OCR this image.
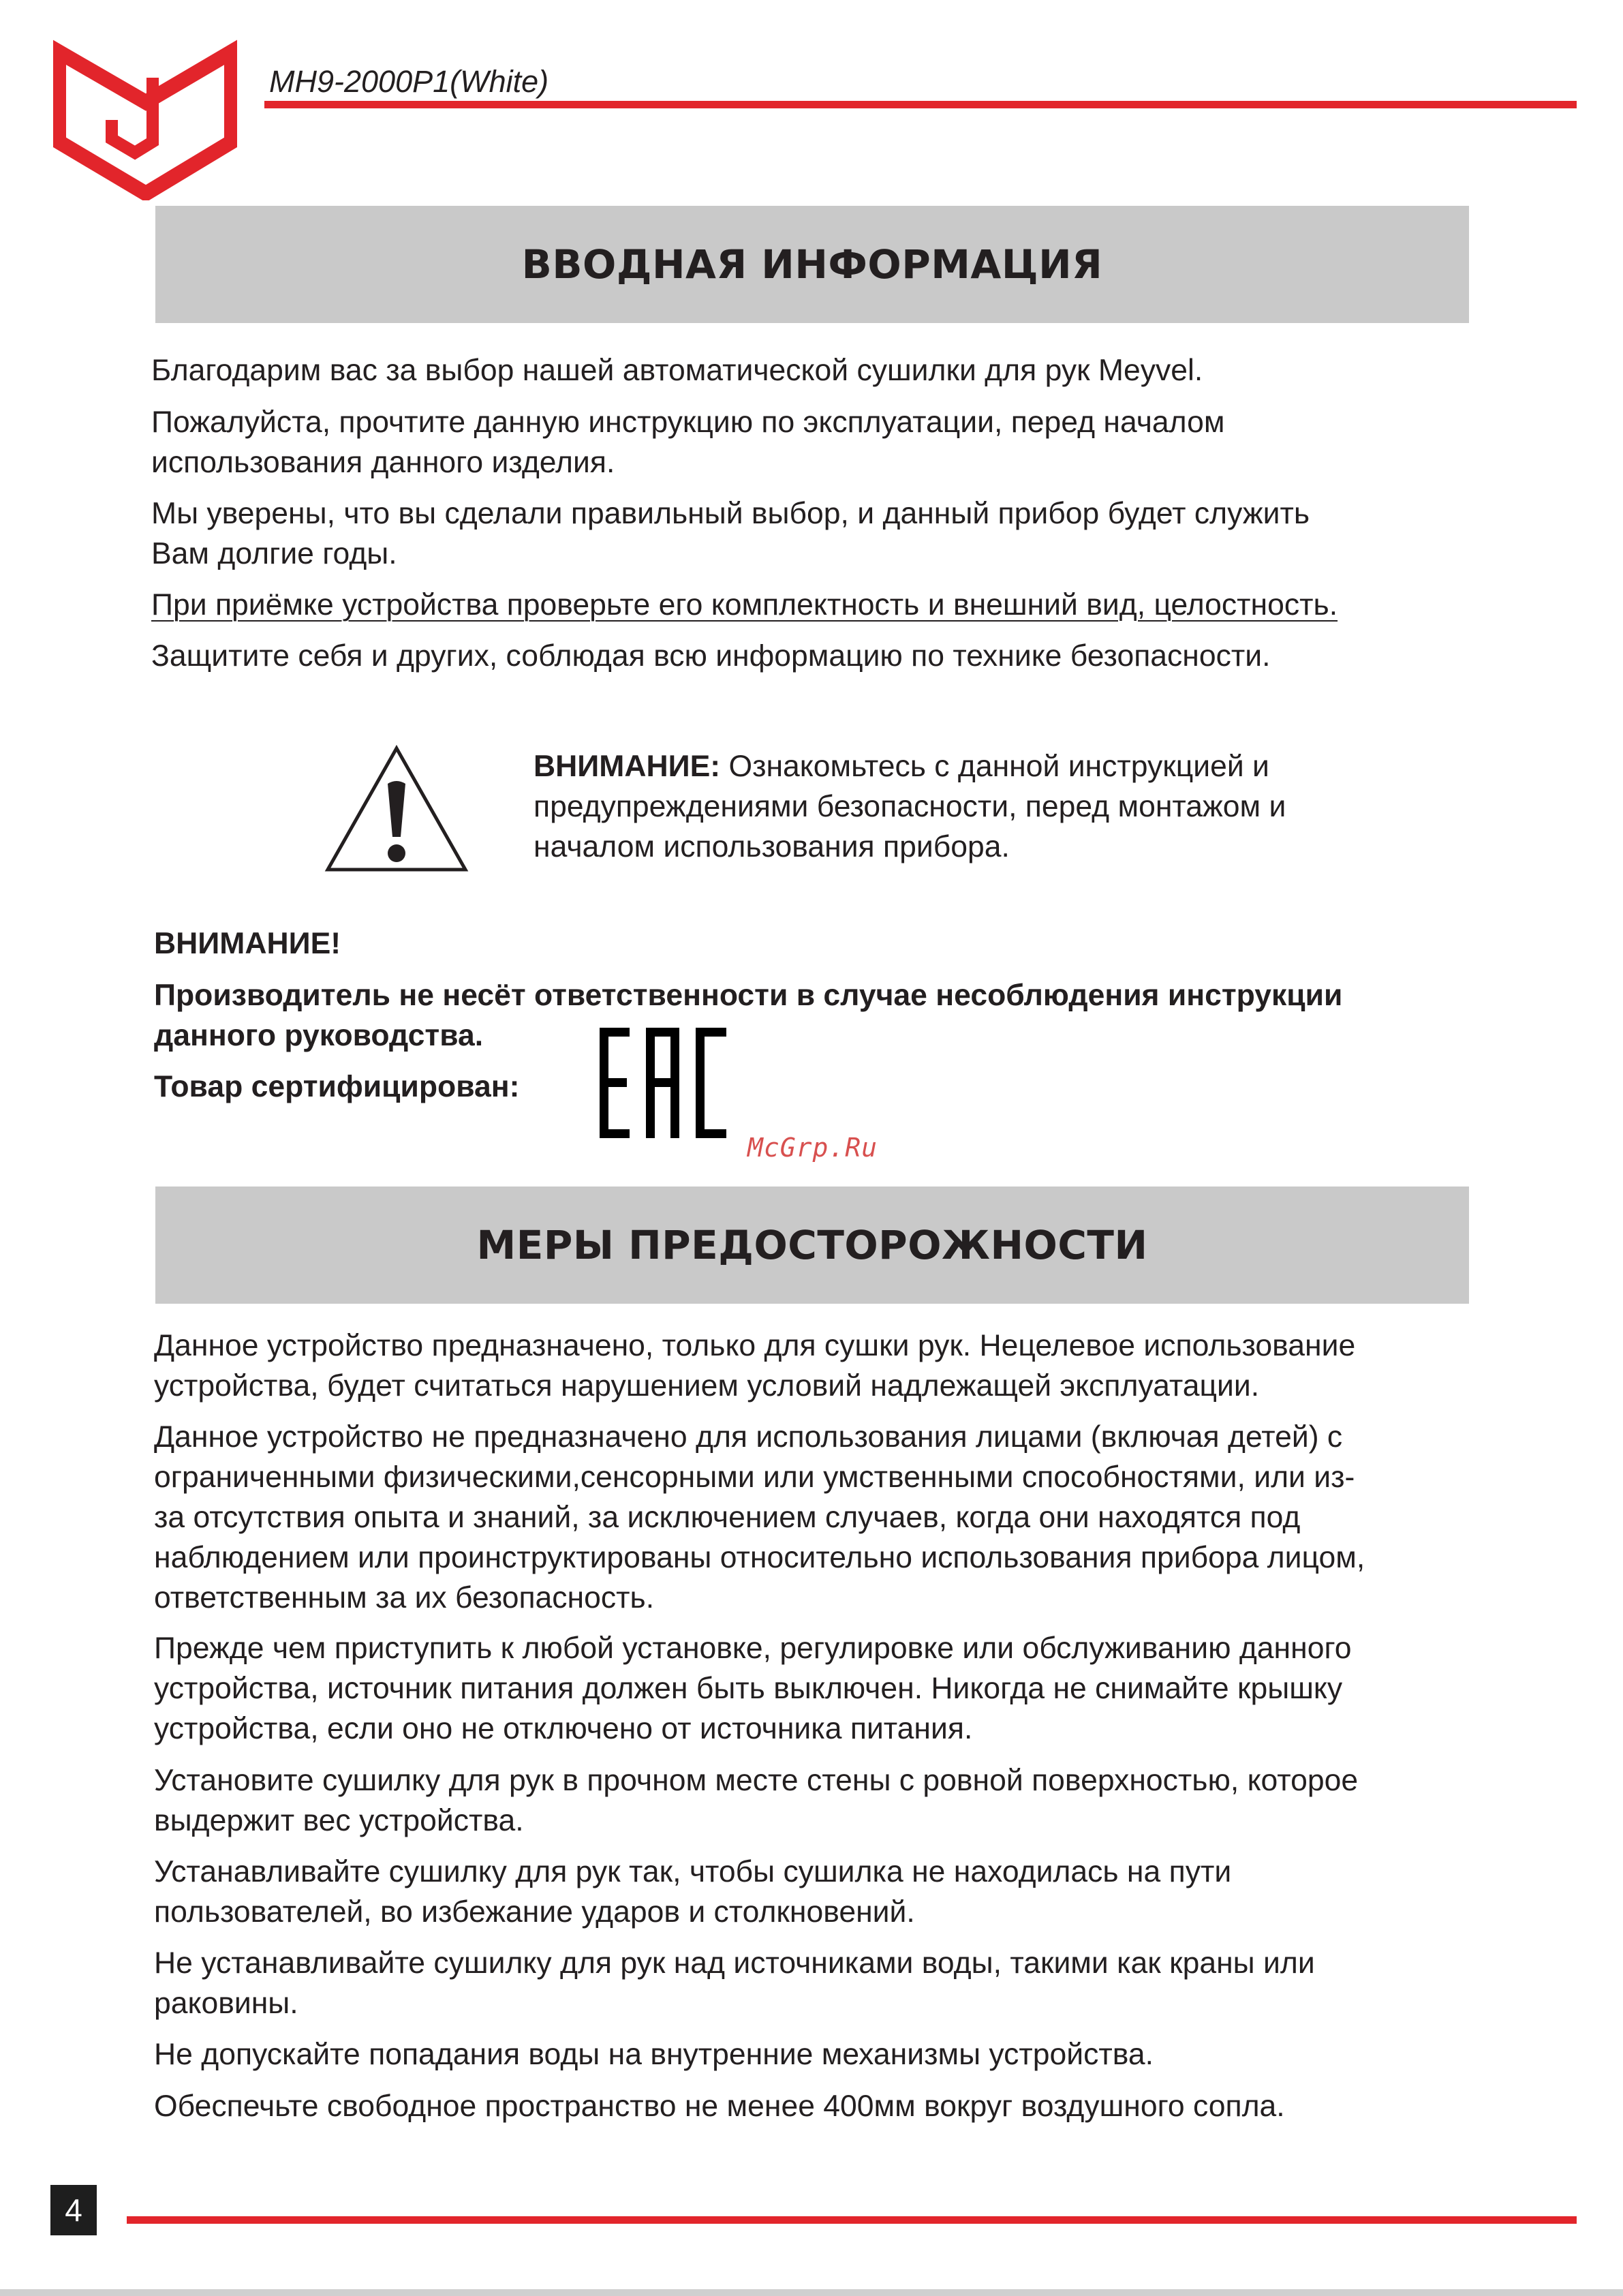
MH9-2000P1(White)
ВВОДНАЯ ИНФОРМАЦИЯ
Благодарим вас за выбор нашей автоматической сушилки для рук Meyvel.
Пожалуйста, прочтите данную инструкцию по эксплуатации, перед началом
использования данного изделия.
Мы уверены, что вы сделали правильный выбор, и данный прибор будет служить
Вам долгие годы.
При приёмке устройства проверьте его комплектность и внешний вид, целостность.
Защитите себя и других, соблюдая всю информацию по технике безопасности.
ВНИМАНИЕ: Ознакомьтесь с данной инструкцией и
предупреждениями безопасности, перед монтажом и
началом использования прибора.
ВНИМАНИЕ!
Производитель не несёт ответственности в случае несоблюдения инструкции
данного руководства.
Товар сертифицирован:
McGrp.Ru
МЕРЫ ПРЕДОСТОРОЖНОСТИ
Данное устройство предназначено, только для сушки рук. Нецелевое использование
устройства, будет считаться нарушением условий надлежащей эксплуатации.
Данное устройство не предназначено для использования лицами (включая детей) с
ограниченными физическими,сенсорными или умственными способностями, или из-
за отсутствия опыта и знаний, за исключением случаев, когда они находятся под
наблюдением или проинструктированы относительно использования прибора лицом,
ответственным за их безопасность.
Прежде чем приступить к любой установке, регулировке или обслуживанию данного
устройства, источник питания должен быть выключен. Никогда не снимайте крышку
устройства, если оно не отключено от источника питания.
Установите сушилку для рук в прочном месте стены с ровной поверхностью, которое
выдержит вес устройства.
Устанавливайте сушилку для рук так, чтобы сушилка не находилась на пути
пользователей, во избежание ударов и столкновений.
Не устанавливайте сушилку для рук над источниками воды, такими как краны или
раковины.
Не допускайте попадания воды на внутренние механизмы устройства.
Обеспечьте свободное пространство не менее 400мм вокруг воздушного сопла.
4
